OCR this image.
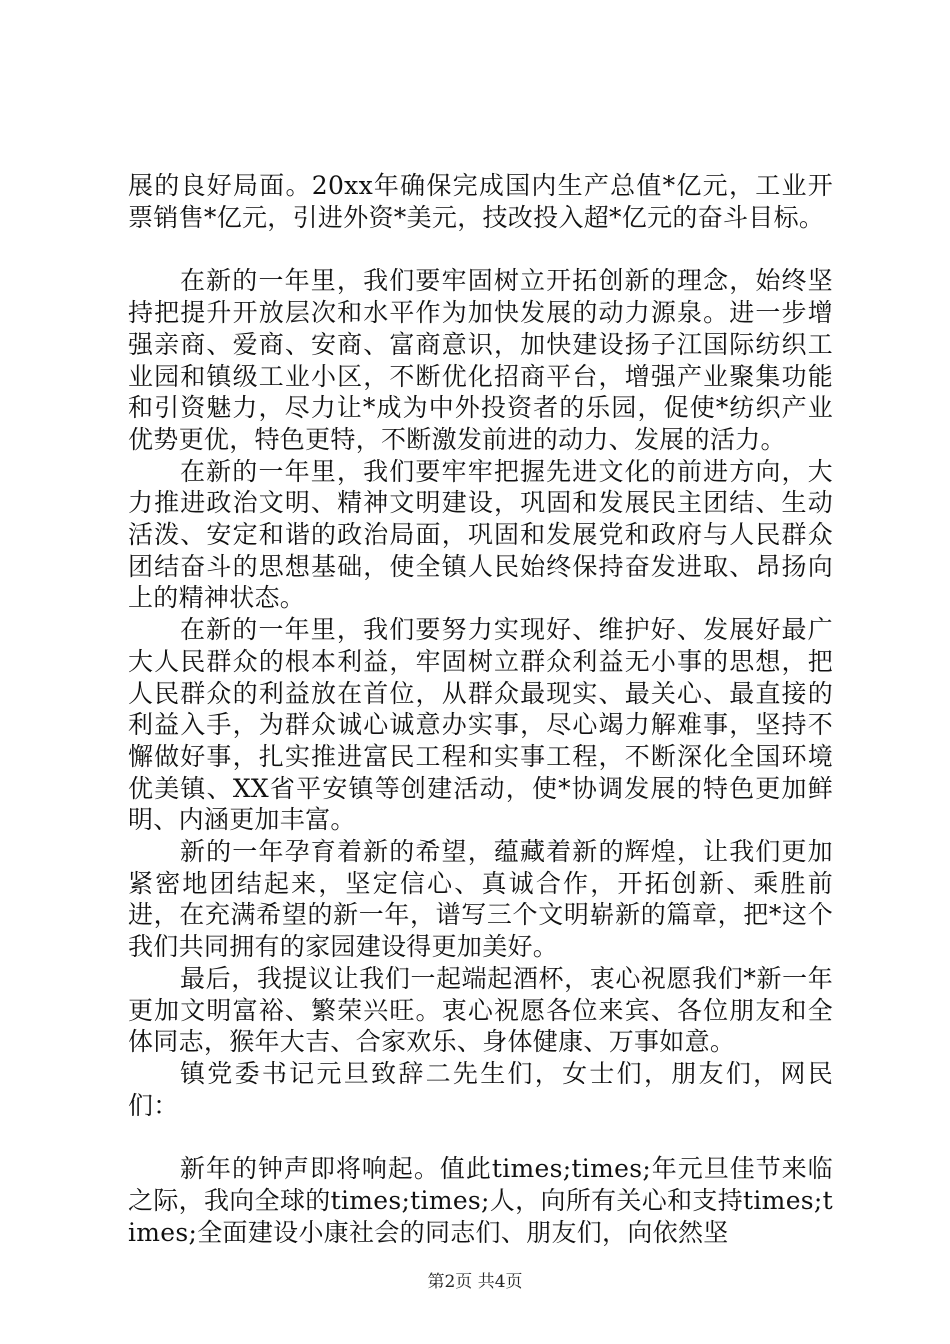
展的良好局面。20xx年确保完成国内生产总值*亿元，工业开票销售*亿元，引进外资*美元，技改投入超*亿元的奋斗目标。

在新的一年里，我们要牢固树立开拓创新的理念，始终坚持把提升开放层次和水平作为加快发展的动力源泉。进一步增强亲商、爱商、安商、富商意识，加快建设扬子江国际纺织工业园和镇级工业小区，不断优化招商平台，增强产业聚集功能和引资魅力，尽力让*成为中外投资者的乐园，促使*纺织产业优势更优，特色更特，不断激发前进的动力、发展的活力。

在新的一年里，我们要牢牢把握先进文化的前进方向，大力推进政治文明、精神文明建设，巩固和发展民主团结、生动活泼、安定和谐的政治局面，巩固和发展党和政府与人民群众团结奋斗的思想基础，使全镇人民始终保持奋发进取、昂扬向上的精神状态。

在新的一年里，我们要努力实现好、维护好、发展好最广大人民群众的根本利益，牢固树立群众利益无小事的思想，把人民群众的利益放在首位，从群众最现实、最关心、最直接的利益入手，为群众诚心诚意办实事，尽心竭力解难事，坚持不懈做好事，扎实推进富民工程和实事工程，不断深化全国环境优美镇、XX省平安镇等创建活动，使*协调发展的特色更加鲜明、内涵更加丰富。

新的一年孕育着新的希望，蕴藏着新的辉煌，让我们更加紧密地团结起来，坚定信心、真诚合作，开拓创新、乘胜前进，在充满希望的新一年，谱写三个文明崭新的篇章，把*这个我们共同拥有的家园建设得更加美好。

最后，我提议让我们一起端起酒杯，衷心祝愿我们*新一年更加文明富裕、繁荣兴旺。衷心祝愿各位来宾、各位朋友和全体同志，猴年大吉、合家欢乐、身体健康、万事如意。

镇党委书记元旦致辞二先生们，女士们，朋友们，网民们：

新年的钟声即将响起。值此times;times;年元旦佳节来临之际，我向全球的times;times;人，向所有关心和支持times;times;全面建设小康社会的同志们、朋友们，向依然坚

第2页 共4页
